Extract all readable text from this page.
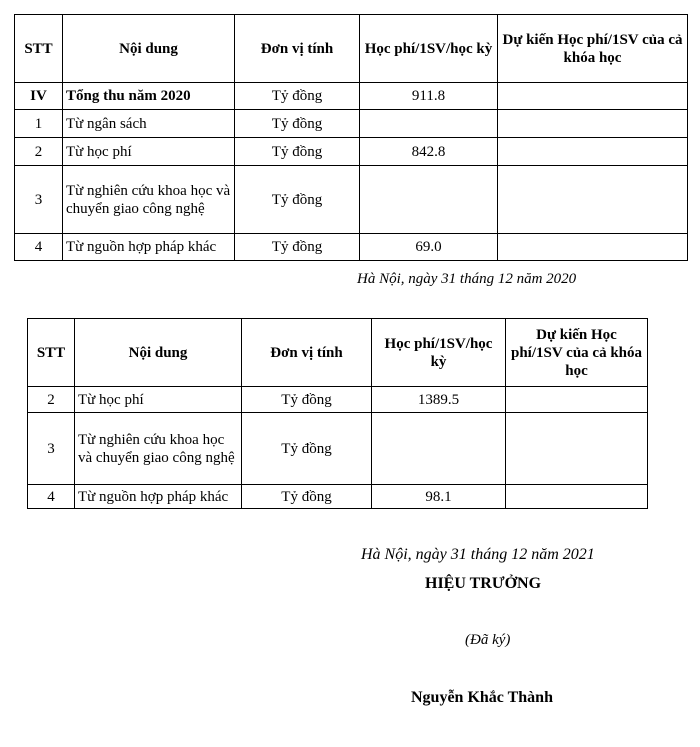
STT	Nội dung	Đơn vị tính	Học phí/1SV/học kỳ	Dự kiến Học phí/1SV của cả khóa học
IV	Tổng thu năm 2020	Tỷ đồng	911.8	
1	Từ ngân sách	Tỷ đồng		
2	Từ học phí	Tỷ đồng	842.8	
3	Từ nghiên cứu khoa học và chuyển giao công nghệ	Tỷ đồng		
4	Từ nguồn hợp pháp khác	Tỷ đồng	69.0	
Hà Nội, ngày 31 tháng 12 năm 2020
STT	Nội dung	Đơn vị tính	Học phí/1SV/học kỳ	Dự kiến Học phí/1SV của cả khóa học
2	Từ học phí	Tỷ đồng	1389.5	
3	Từ nghiên cứu khoa học và chuyển giao công nghệ	Tỷ đồng		
4	Từ nguồn hợp pháp khác	Tỷ đồng	98.1	
Hà Nội, ngày 31 tháng 12 năm 2021
HIỆU TRƯỞNG
(Đã ký)
Nguyễn Khắc Thành
